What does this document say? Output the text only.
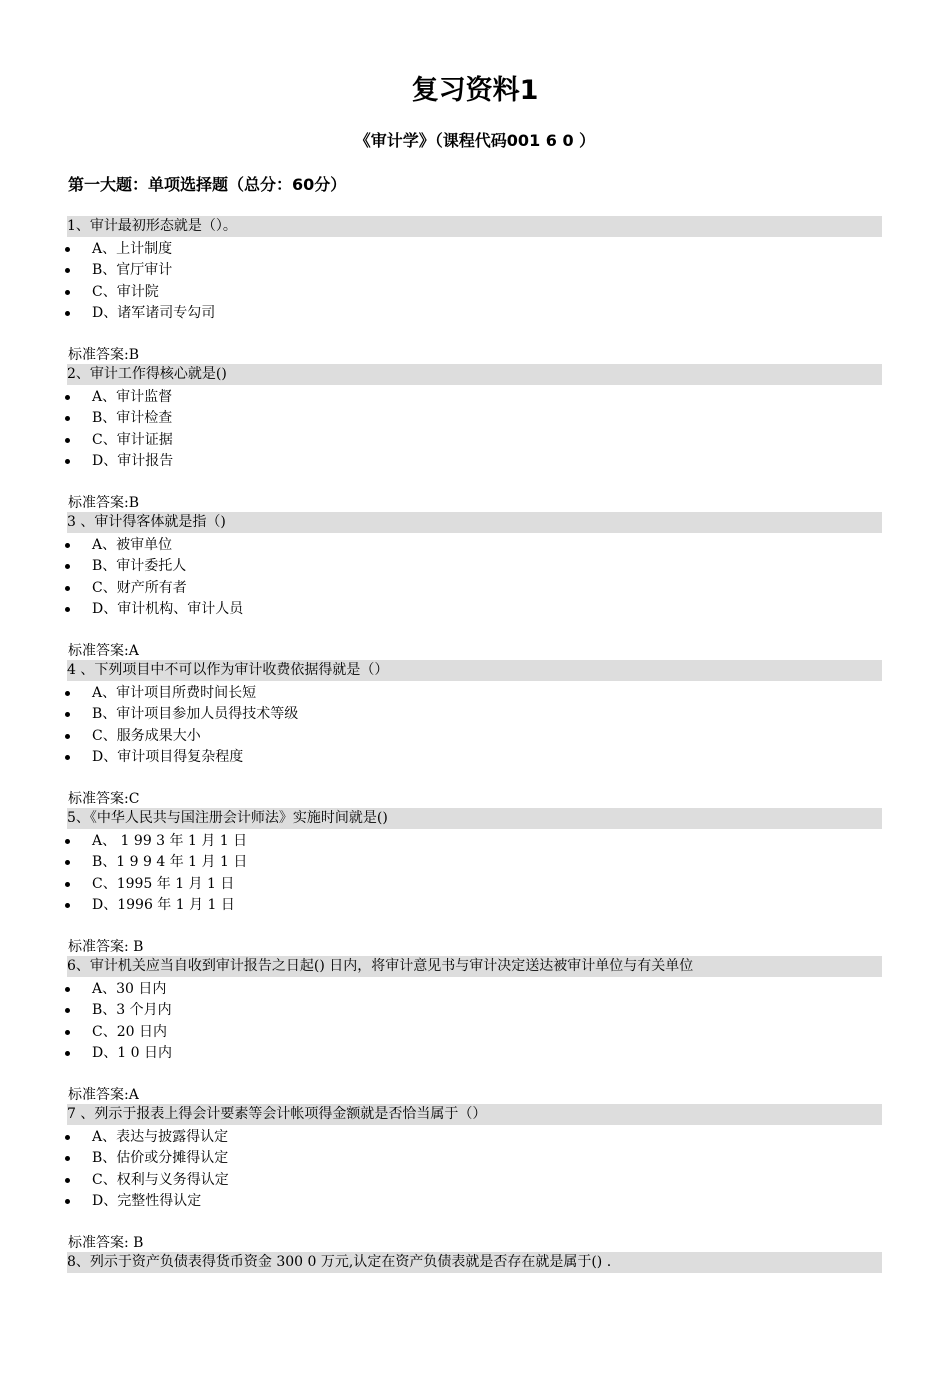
复习资料1
《审计学》（课程代码001 6 0 ）
第一大题：单项选择题（总分：60分）
1、审计最初形态就是（）。
A、上计制度
B、官厅审计
C、审计院
D、诸军诸司专勾司
标准答案:B
2、审计工作得核心就是()
A、审计监督
B、审计检查
C、审计证据
D、审计报告
标准答案:B
3 、审计得客体就是指（)
A、被审单位
B、审计委托人
C、财产所有者
D、审计机构、审计人员
标准答案:A
4 、下列项目中不可以作为审计收费依据得就是（）
A、审计项目所费时间长短
B、审计项目参加人员得技术等级
C、服务成果大小
D、审计项目得复杂程度
标准答案:C
5、《中华人民共与国注册会计师法》实施时间就是()
A、 1 99 3 年 1 月 1 日
B、1 9 9 4 年 1 月 1 日
C、1995 年 1 月 1 日
D、1996 年 1 月 1 日
标准答案: B
6、审计机关应当自收到审计报告之日起() 日内，将审计意见书与审计决定送达被审计单位与有关单位
A、30 日内
B、3 个月内
C、20 日内
D、1 0 日内
标准答案:A
7 、列示于报表上得会计要素等会计帐项得金额就是否恰当属于（）
A、表达与披露得认定
B、估价或分摊得认定
C、权利与义务得认定
D、完整性得认定
标准答案: B
8、列示于资产负债表得货币资金 300 0 万元,认定在资产负债表就是否存在就是属于() .
